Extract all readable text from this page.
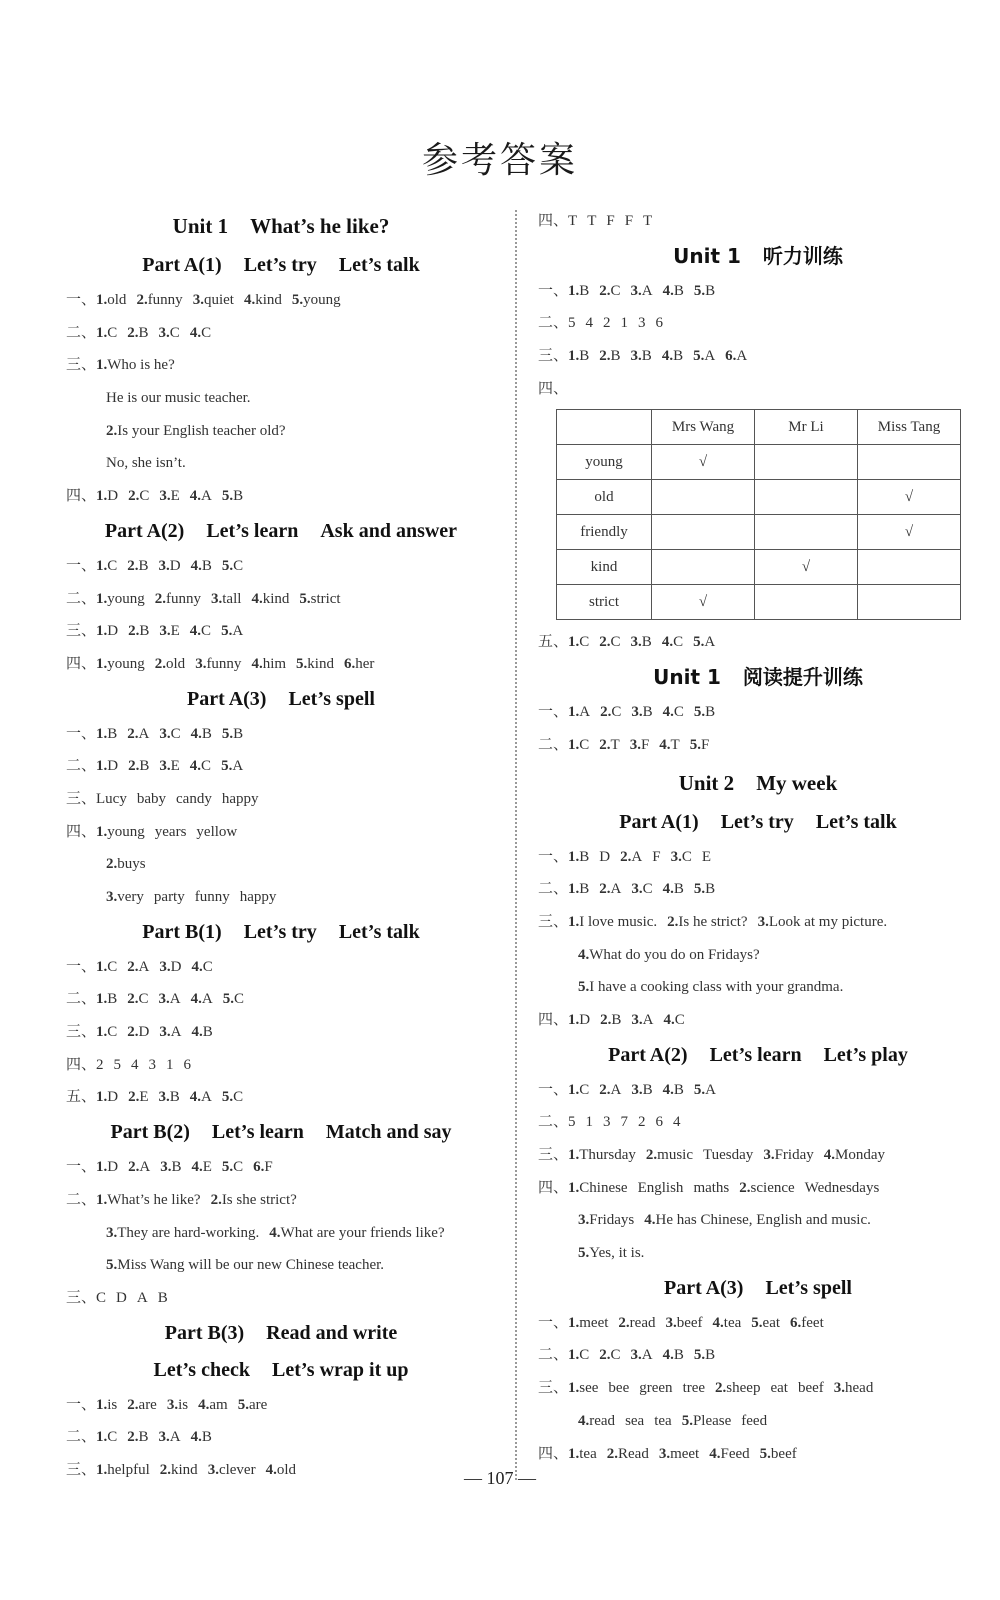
参考答案
Unit 1 What’s he like?
Part A(1) Let’s try Let’s talk
一、1.old 2.funny 3.quiet 4.kind 5.young
二、1.C 2.B 3.C 4.C
三、1.Who is he?
He is our music teacher.
2.Is your English teacher old?
No, she isn’t.
四、1.D 2.C 3.E 4.A 5.B
Part A(2) Let’s learn Ask and answer
一、1.C 2.B 3.D 4.B 5.C
二、1.young 2.funny 3.tall 4.kind 5.strict
三、1.D 2.B 3.E 4.C 5.A
四、1.young 2.old 3.funny 4.him 5.kind 6.her
Part A(3) Let’s spell
一、1.B 2.A 3.C 4.B 5.B
二、1.D 2.B 3.E 4.C 5.A
三、Lucy baby candy happy
四、1.young years yellow
2.buys
3.very party funny happy
Part B(1) Let’s try Let’s talk
一、1.C 2.A 3.D 4.C
二、1.B 2.C 3.A 4.A 5.C
三、1.C 2.D 3.A 4.B
四、2 5 4 3 1 6
五、1.D 2.E 3.B 4.A 5.C
Part B(2) Let’s learn Match and say
一、1.D 2.A 3.B 4.E 5.C 6.F
二、1.What’s he like? 2.Is she strict?
3.They are hard-working. 4.What are your friends like?
5.Miss Wang will be our new Chinese teacher.
三、C D A B
Part B(3) Read and write
Let’s check Let’s wrap it up
一、1.is 2.are 3.is 4.am 5.are
二、1.C 2.B 3.A 4.B
三、1.helpful 2.kind 3.clever 4.old
四、T T F F T
Unit 1 听力训练
一、1.B 2.C 3.A 4.B 5.B
二、5 4 2 1 3 6
三、1.B 2.B 3.B 4.B 5.A 6.A
四、
	Mrs Wang	Mr Li	Miss Tang
young	√		
old			√
friendly			√
kind		√	
strict	√		
五、1.C 2.C 3.B 4.C 5.A
Unit 1 阅读提升训练
一、1.A 2.C 3.B 4.C 5.B
二、1.C 2.T 3.F 4.T 5.F
Unit 2 My week
Part A(1) Let’s try Let’s talk
一、1.B D 2.A F 3.C E
二、1.B 2.A 3.C 4.B 5.B
三、1.I love music. 2.Is he strict? 3.Look at my picture.
4.What do you do on Fridays?
5.I have a cooking class with your grandma.
四、1.D 2.B 3.A 4.C
Part A(2) Let’s learn Let’s play
一、1.C 2.A 3.B 4.B 5.A
二、5 1 3 7 2 6 4
三、1.Thursday 2.music Tuesday 3.Friday 4.Monday
四、1.Chinese English maths 2.science Wednesdays
3.Fridays 4.He has Chinese, English and music.
5.Yes, it is.
Part A(3) Let’s spell
一、1.meet 2.read 3.beef 4.tea 5.eat 6.feet
二、1.C 2.C 3.A 4.B 5.B
三、1.see bee green tree 2.sheep eat beef 3.head
4.read sea tea 5.Please feed
四、1.tea 2.Read 3.meet 4.Feed 5.beef
— 107 —
